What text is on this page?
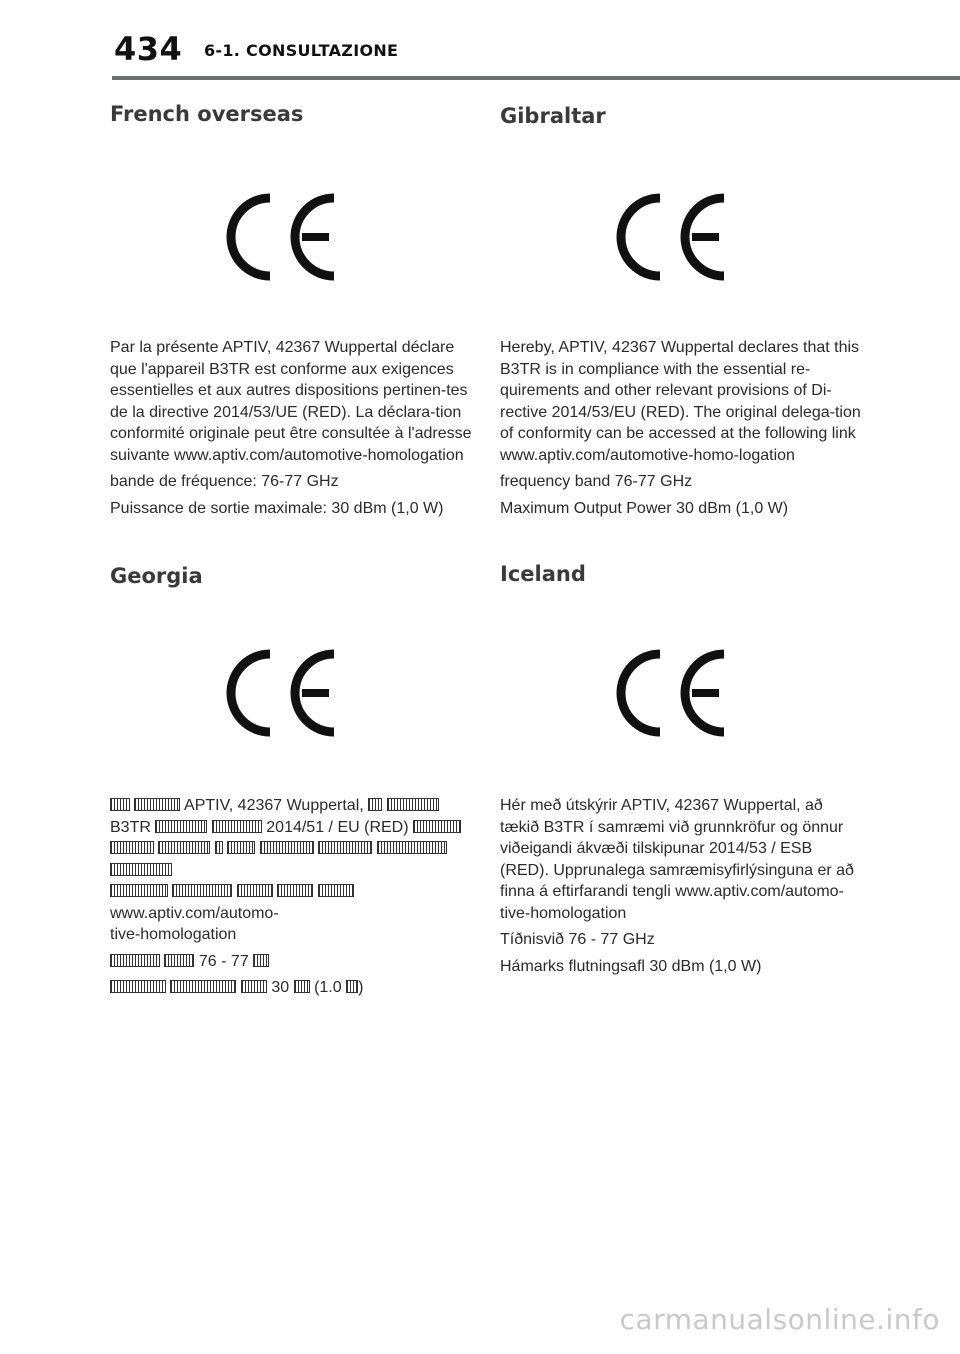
434 6-1. CONSULTAZIONE
French overseas

Par la présente APTIV, 42367 Wuppertal déclare que l'appareil B3TR est conforme aux exigences essentielles et aux autres dispositions pertinen-tes de la directive 2014/53/UE (RED). La déclara-tion conformité originale peut être consultée à l'adresse suivante www.aptiv.com/automotive-homologation

bande de fréquence: 76-77 GHz

Puissance de sortie maximale: 30 dBm (1,0 W)

Georgia
APTIV, 42367 Wuppertal,
B3TR	2014/51 / EU (RED)

www.aptiv.com/automo-
tive-homologation
76 - 77
30 (1.0 )
Gibraltar

Hereby, APTIV, 42367 Wuppertal declares that this B3TR is in compliance with the essential re-quirements and other relevant provisions of Di-rective 2014/53/EU (RED). The original delega-tion of conformity can be accessed at the following link www.aptiv.com/automotive-homo-logation

frequency band 76-77 GHz

Maximum Output Power 30 dBm (1,0 W)

Iceland

Hér með útskýrir APTIV, 42367 Wuppertal, að tækið B3TR í samræmi við grunnkröfur og önnur viðeigandi ákvæði tilskipunar 2014/53 / ESB (RED). Upprunalega samræmisyfirlýsinguna er að finna á eftirfarandi tengli www.aptiv.com/automo-tive-homologation

Tíðnisvið 76 - 77 GHz

Hámarks flutningsafl 30 dBm (1,0 W)

carmanualsonline.info
